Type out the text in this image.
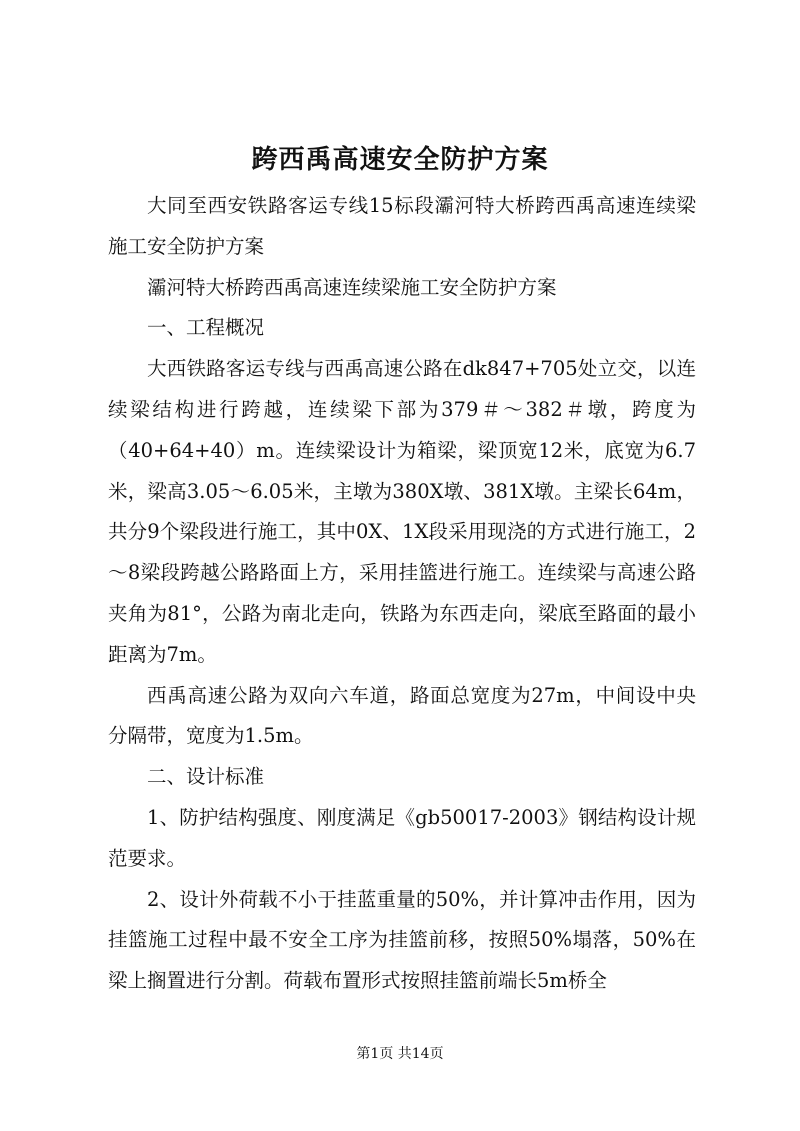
跨西禹高速安全防护方案

大同至西安铁路客运专线15标段灞河特大桥跨西禹高速连续梁施工安全防护方案

灞河特大桥跨西禹高速连续梁施工安全防护方案

一、工程概况

大西铁路客运专线与西禹高速公路在dk847+705处立交，以连续梁结构进行跨越，连续梁下部为379＃～382＃墩，跨度为（40+64+40）m。连续梁设计为箱梁，梁顶宽12米，底宽为6.7米，梁高3.05～6.05米，主墩为380X墩、381X墩。主梁长64m，共分9个梁段进行施工，其中0X、1X段采用现浇的方式进行施工，2～8梁段跨越公路路面上方，采用挂篮进行施工。连续梁与高速公路夹角为81°，公路为南北走向，铁路为东西走向，梁底至路面的最小距离为7m。

西禹高速公路为双向六车道，路面总宽度为27m，中间设中央分隔带，宽度为1.5m。

二、设计标准

1、防护结构强度、刚度满足《gb50017-2003》钢结构设计规范要求。

2、设计外荷载不小于挂蓝重量的50%，并计算冲击作用，因为挂篮施工过程中最不安全工序为挂篮前移，按照50%塌落，50%在梁上搁置进行分割。荷载布置形式按照挂篮前端长5m桥全

第1页 共14页
